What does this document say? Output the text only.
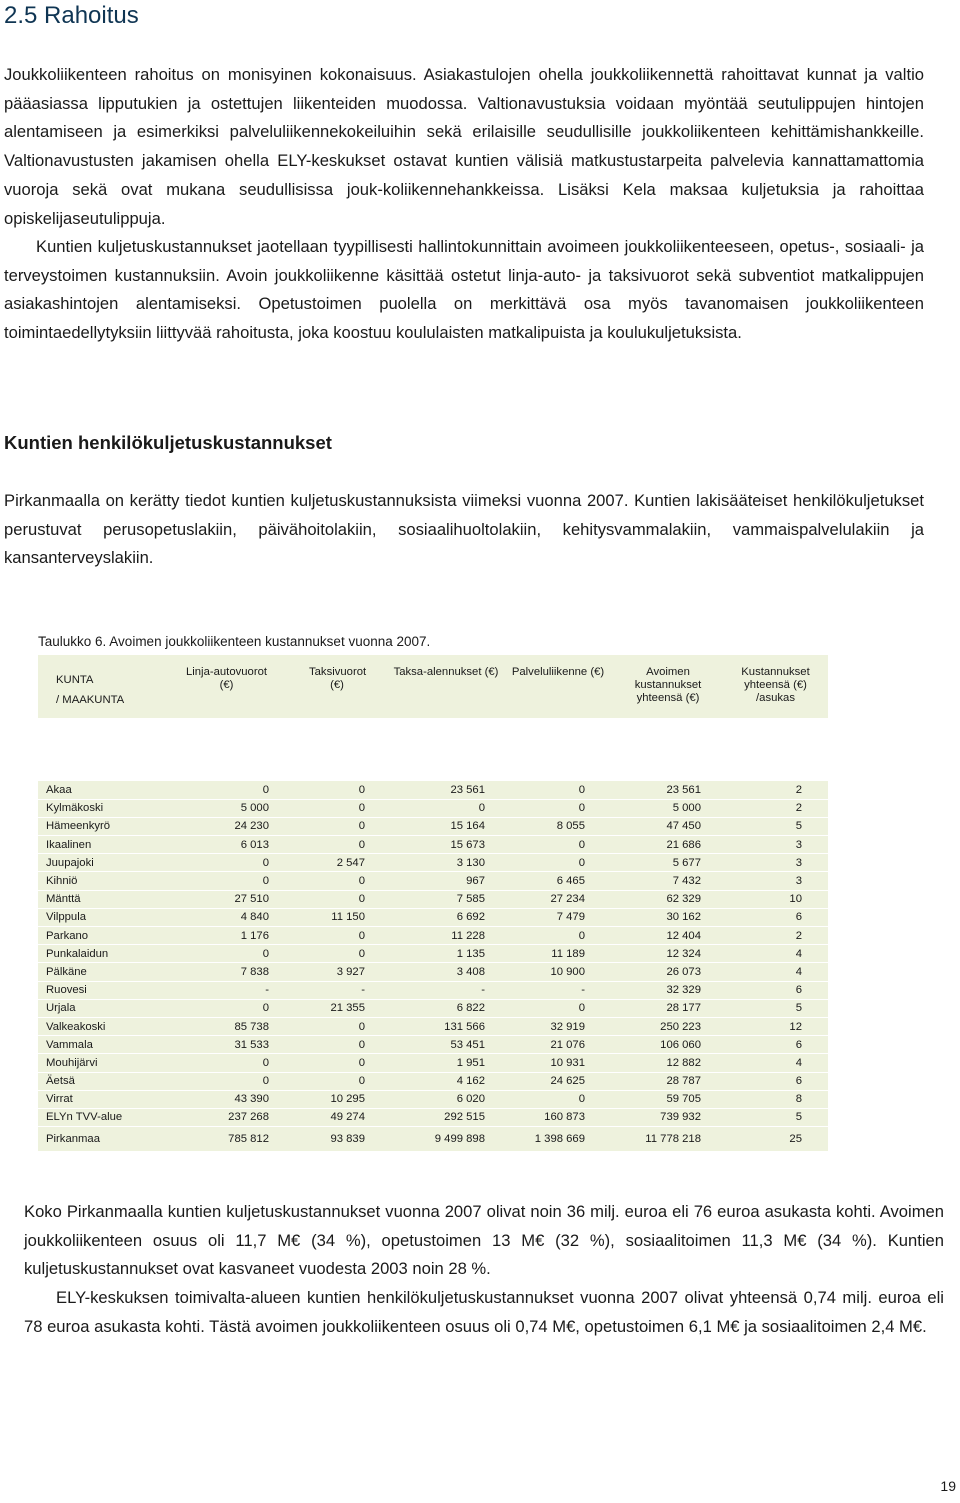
2.5 Rahoitus

Joukkoliikenteen rahoitus on monisyinen kokonaisuus. Asiakastulojen ohella joukkoliikennettä rahoittavat kunnat ja valtio pääasiassa lipputukien ja ostettujen liikenteiden muodossa. Valtionavustuksia voidaan myöntää seutulippujen hintojen alentamiseen ja esimerkiksi palveluliikennekokeiluihin sekä erilaisille seudullisille joukkoliikenteen kehittämishankkeille. Valtionavustusten jakamisen ohella ELY-keskukset ostavat kuntien välisiä matkustustarpeita palvelevia kannattamattomia vuoroja sekä ovat mukana seudullisissa jouk-koliikennehankkeissa. Lisäksi Kela maksaa kuljetuksia ja rahoittaa opiskelijaseutulippuja.

Kuntien kuljetuskustannukset jaotellaan tyypillisesti hallintokunnittain avoimeen joukkoliikenteeseen, opetus-, sosiaali- ja terveystoimen kustannuksiin. Avoin joukkoliikenne käsittää ostetut linja-auto- ja taksivuorot sekä subventiot matkalippujen asiakashintojen alentamiseksi. Opetustoimen puolella on merkittävä osa myös tavanomaisen joukkoliikenteen toimintaedellytyksiin liittyvää rahoitusta, joka koostuu koululaisten matkalipuista ja koulukuljetuksista.

Kuntien henkilökuljetuskustannukset

Pirkanmaalla on kerätty tiedot kuntien kuljetuskustannuksista viimeksi vuonna 2007. Kuntien lakisääteiset henkilökuljetukset perustuvat perusopetuslakiin, päivähoitolakiin, sosiaalihuoltolakiin, kehitysvammalakiin, vammaispalvelulakiin ja kansanterveyslakiin.

Taulukko 6. Avoimen joukkoliikenteen kustannukset vuonna 2007.
KUNTA
/ MAAKUNTA	Linja-autovuorot (€)	Taksivuorot (€)	Taksa-alennukset (€)	Palveluliikenne (€)	Avoimen kustannukset yhteensä (€)	Kustannukset yhteensä (€) /asukas

Akaa	0	0	23 561	0	23 561	2
Kylmäkoski	5 000	0	0	0	5 000	2
Hämeenkyrö	24 230	0	15 164	8 055	47 450	5
Ikaalinen	6 013	0	15 673	0	21 686	3
Juupajoki	0	2 547	3 130	0	5 677	3
Kihniö	0	0	967	6 465	7 432	3
Mänttä	27 510	0	7 585	27 234	62 329	10
Vilppula	4 840	11 150	6 692	7 479	30 162	6
Parkano	1 176	0	11 228	0	12 404	2
Punkalaidun	0	0	1 135	11 189	12 324	4
Pälkäne	7 838	3 927	3 408	10 900	26 073	4
Ruovesi	-	-	-	-	32 329	6
Urjala	0	21 355	6 822	0	28 177	5
Valkeakoski	85 738	0	131 566	32 919	250 223	12
Vammala	31 533	0	53 451	21 076	106 060	6
Mouhijärvi	0	0	1 951	10 931	12 882	4
Äetsä	0	0	4 162	24 625	28 787	6
Virrat	43 390	10 295	6 020	0	59 705	8
ELYn TVV-alue	237 268	49 274	292 515	160 873	739 932	5
Pirkanmaa	785 812	93 839	9 499 898	1 398 669	11 778 218	25

Koko Pirkanmaalla kuntien kuljetuskustannukset vuonna 2007 olivat noin 36 milj. euroa eli 76 euroa asukasta kohti. Avoimen joukkoliikenteen osuus oli 11,7 M€ (34 %), opetustoimen 13 M€ (32 %), sosiaalitoimen 11,3 M€ (34 %). Kuntien kuljetuskustannukset ovat kasvaneet vuodesta 2003 noin 28 %.

ELY-keskuksen toimivalta-alueen kuntien henkilökuljetuskustannukset vuonna 2007 olivat yhteensä 0,74 milj. euroa eli 78 euroa asukasta kohti. Tästä avoimen joukkoliikenteen osuus oli 0,74 M€, opetustoimen 6,1 M€ ja sosiaalitoimen 2,4 M€.

19
